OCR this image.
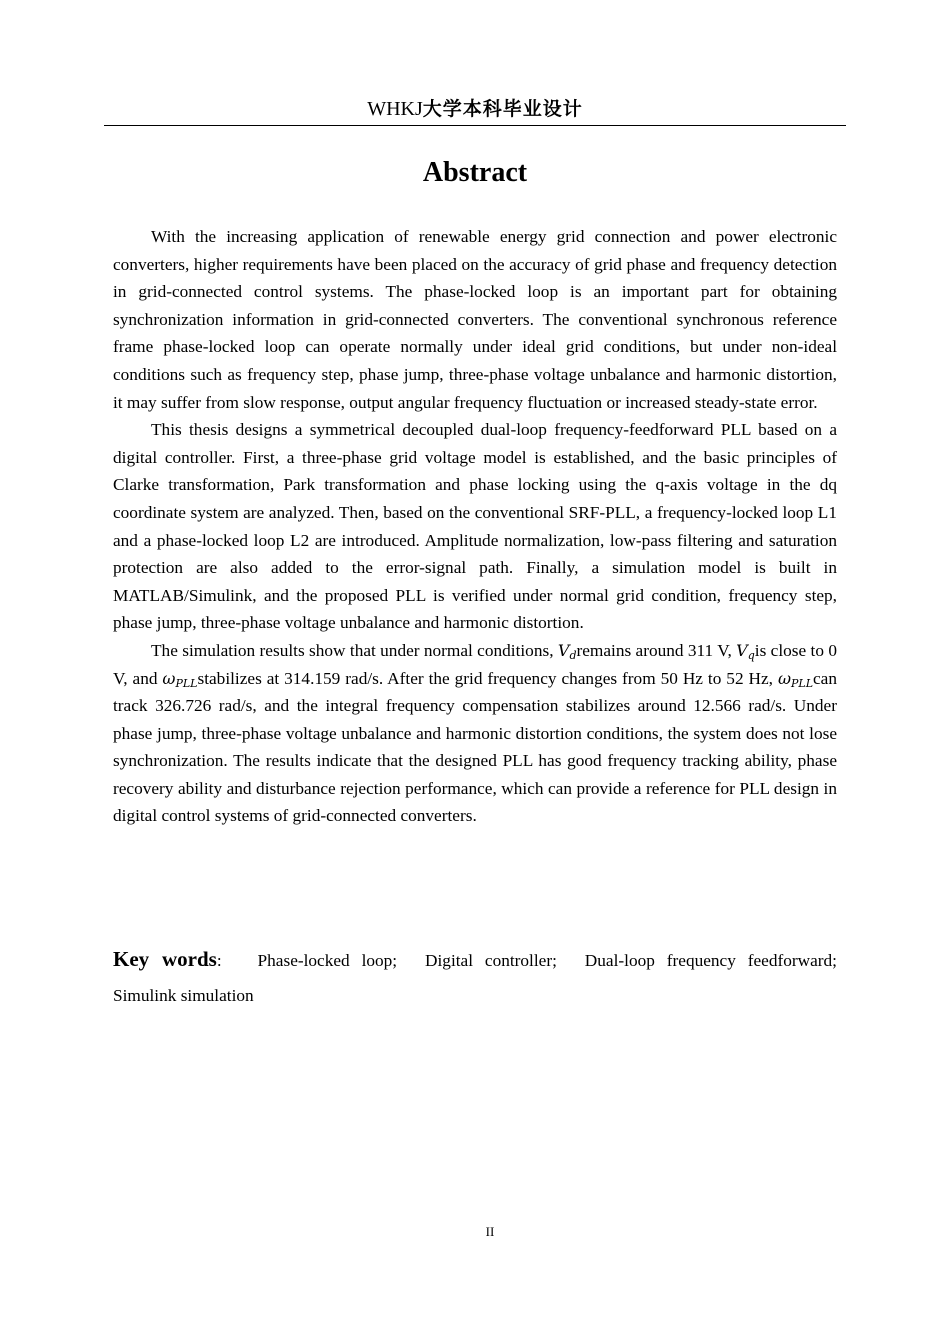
WHKJ大学本科毕业设计
Abstract

With the increasing application of renewable energy grid connection and power electronic converters, higher requirements have been placed on the accuracy of grid phase and frequency detection in grid-connected control systems. The phase-locked loop is an important part for obtaining synchronization information in grid-connected converters. The conventional synchronous reference frame phase-locked loop can operate normally under ideal grid conditions, but under non-ideal conditions such as frequency step, phase jump, three-phase voltage unbalance and harmonic distortion, it may suffer from slow response, output angular frequency fluctuation or increased steady-state error.

This thesis designs a symmetrical decoupled dual-loop frequency-feedforward PLL based on a digital controller. First, a three-phase grid voltage model is established, and the basic principles of Clarke transformation, Park transformation and phase locking using the q-axis voltage in the dq coordinate system are analyzed. Then, based on the conventional SRF-PLL, a frequency-locked loop L1 and a phase-locked loop L2 are introduced. Amplitude normalization, low-pass filtering and saturation protection are also added to the error-signal path. Finally, a simulation model is built in MATLAB/Simulink, and the proposed PLL is verified under normal grid condition, frequency step, phase jump, three-phase voltage unbalance and harmonic distortion.

The simulation results show that under normal conditions, $V_dremains$ around 311 V, $V_qis$ close to 0 V, and $\omega_{PLL}stabilizes$ at 314.159 rad/s. After the grid frequency changes from 50 Hz to 52 Hz, $\omega_{PLL}can$ track 326.726 rad/s, and the integral frequency compensation stabilizes around 12.566 rad/s. Under phase jump, three-phase voltage unbalance and harmonic distortion conditions, the system does not lose synchronization. The results indicate that the designed PLL has good frequency tracking ability, phase recovery ability and disturbance rejection performance, which can provide a reference for PLL design in digital control systems of grid-connected converters.

Key words: Phase-locked loop; Digital controller; Dual-loop frequency feedforward; Simulink simulation
II
